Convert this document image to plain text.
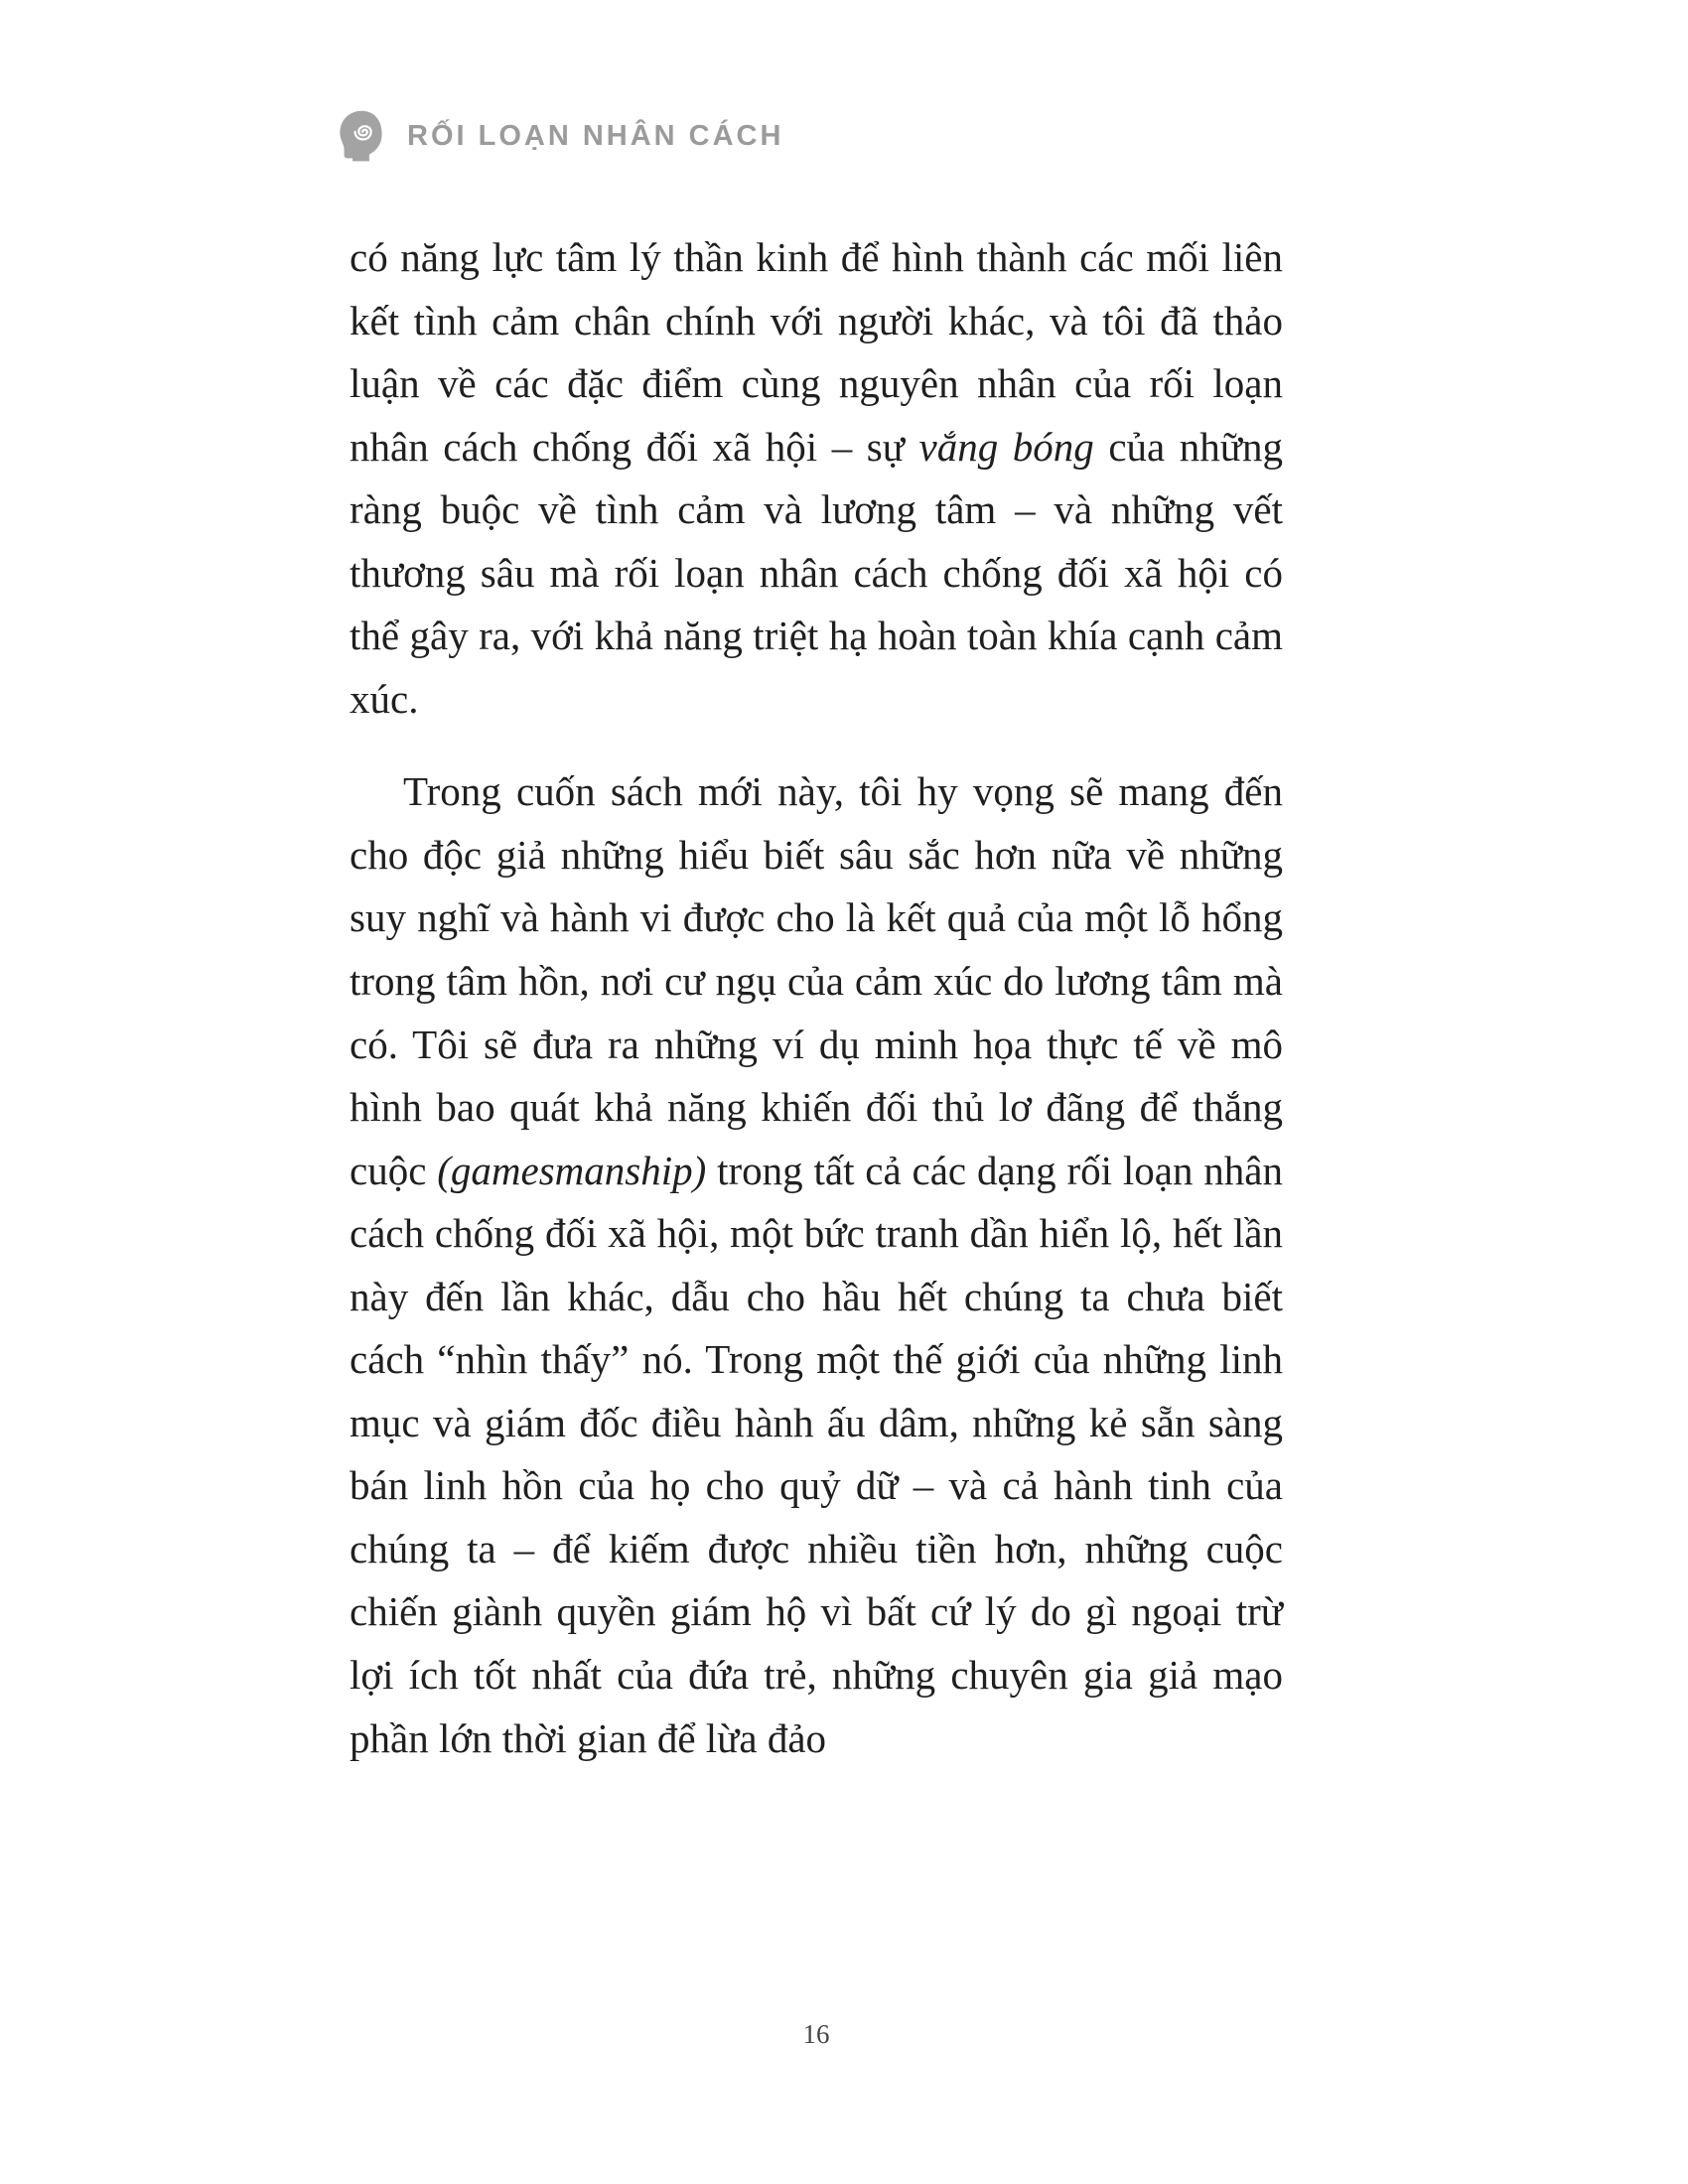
RỐI LOẠN NHÂN CÁCH

có năng lực tâm lý thần kinh để hình thành các mối liên kết tình cảm chân chính với người khác, và tôi đã thảo luận về các đặc điểm cùng nguyên nhân của rối loạn nhân cách chống đối xã hội – sự vắng bóng của những ràng buộc về tình cảm và lương tâm – và những vết thương sâu mà rối loạn nhân cách chống đối xã hội có thể gây ra, với khả năng triệt hạ hoàn toàn khía cạnh cảm xúc.

Trong cuốn sách mới này, tôi hy vọng sẽ mang đến cho độc giả những hiểu biết sâu sắc hơn nữa về những suy nghĩ và hành vi được cho là kết quả của một lỗ hổng trong tâm hồn, nơi cư ngụ của cảm xúc do lương tâm mà có. Tôi sẽ đưa ra những ví dụ minh họa thực tế về mô hình bao quát khả năng khiến đối thủ lơ đãng để thắng cuộc (gamesmanship) trong tất cả các dạng rối loạn nhân cách chống đối xã hội, một bức tranh dần hiển lộ, hết lần này đến lần khác, dẫu cho hầu hết chúng ta chưa biết cách “nhìn thấy” nó. Trong một thế giới của những linh mục và giám đốc điều hành ấu dâm, những kẻ sẵn sàng bán linh hồn của họ cho quỷ dữ – và cả hành tinh của chúng ta – để kiếm được nhiều tiền hơn, những cuộc chiến giành quyền giám hộ vì bất cứ lý do gì ngoại trừ lợi ích tốt nhất của đứa trẻ, những chuyên gia giả mạo phần lớn thời gian để lừa đảo

16
